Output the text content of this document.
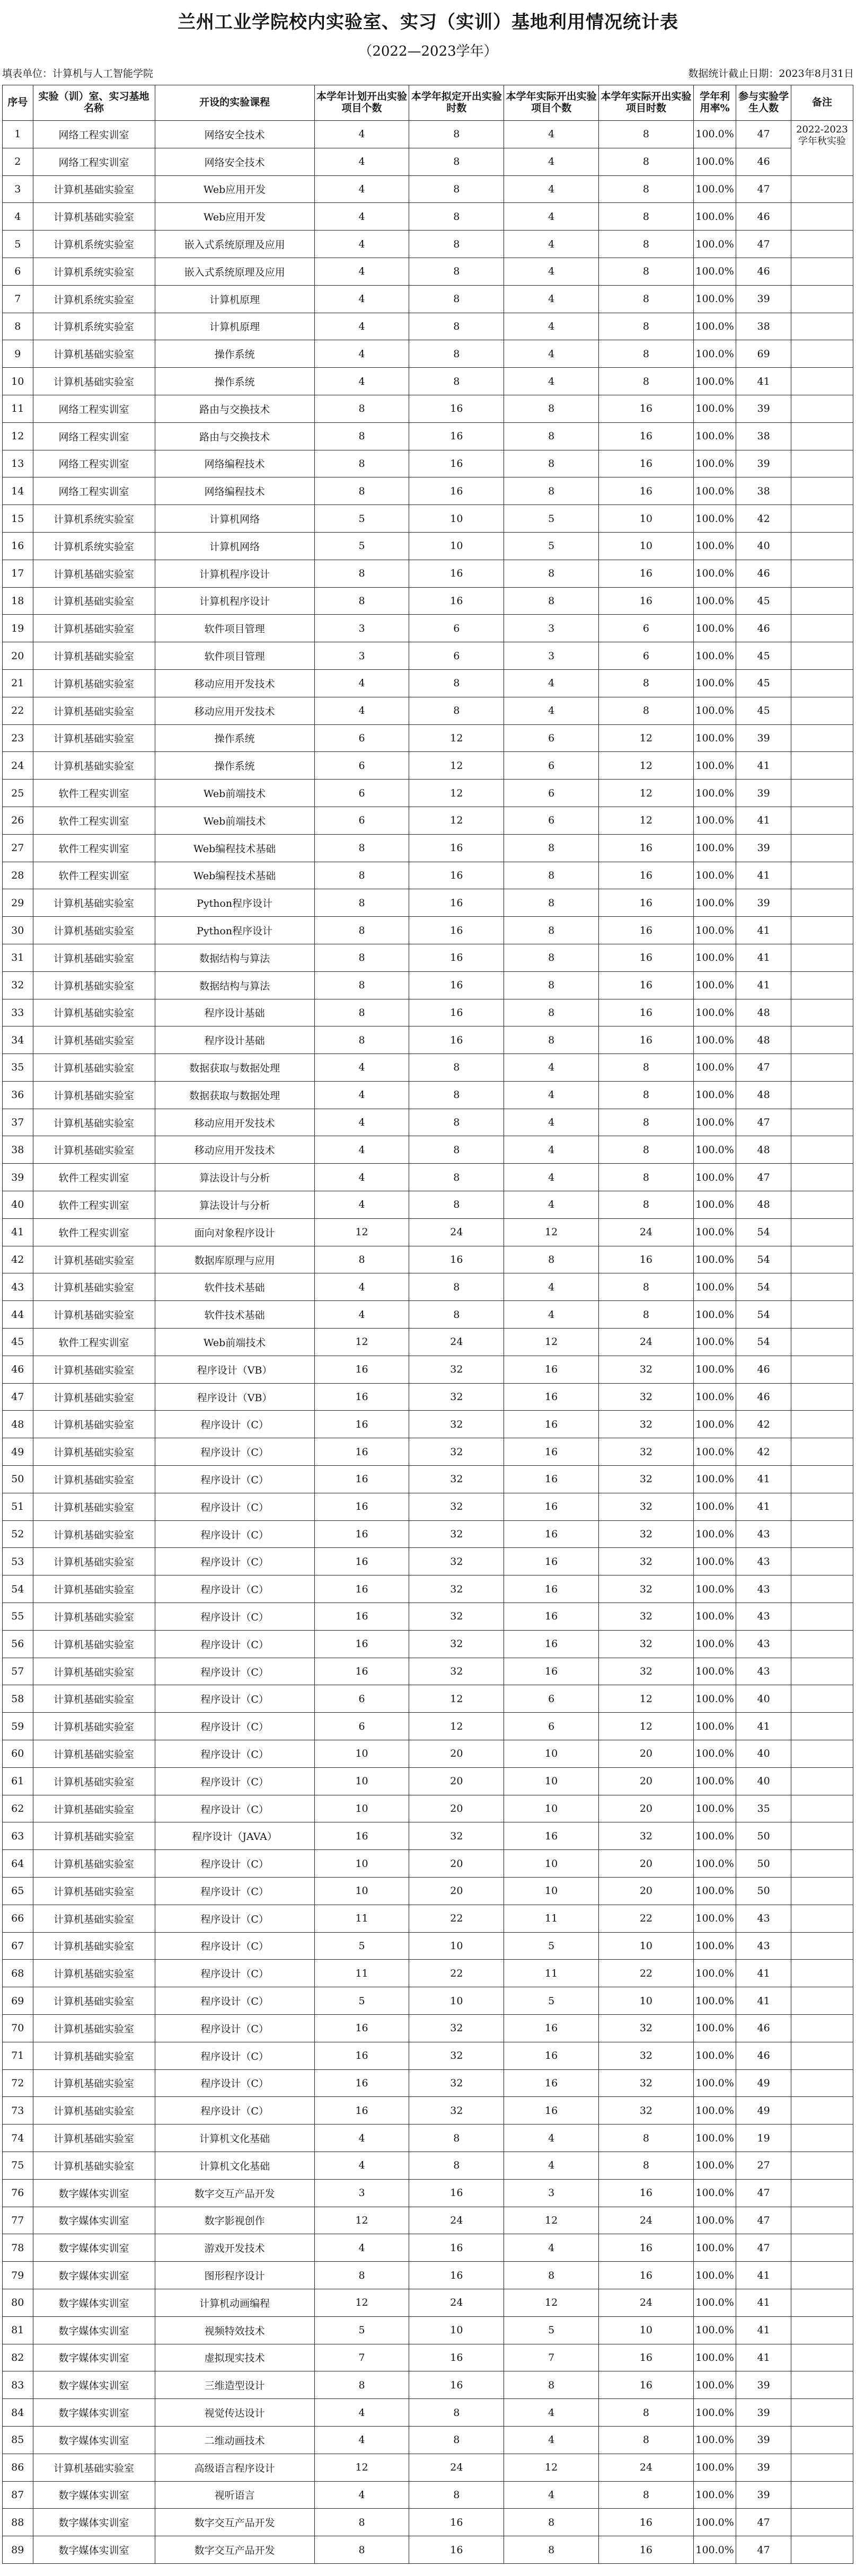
兰州工业学院校内实验室、实习（实训）基地利用情况统计表
（2022—2023学年）
填表单位：计算机与人工智能学院	数据统计截止日期：2023年8月31日
序号	实验（训）室、实习基地名称	开设的实验课程	本学年计划开出实验项目个数	本学年拟定开出实验时数	本学年实际开出实验项目个数	本学年实际开出实验项目时数	学年利用率%	参与实验学生人数	备注
1	网络工程实训室	网络安全技术	4	8	4	8	100.0%	47	2022-2023学年秋实验
2	网络工程实训室	网络安全技术	4	8	4	8	100.0%	46	
3	计算机基础实验室	Web应用开发	4	8	4	8	100.0%	47	
4	计算机基础实验室	Web应用开发	4	8	4	8	100.0%	46	
5	计算机系统实验室	嵌入式系统原理及应用	4	8	4	8	100.0%	47	
6	计算机系统实验室	嵌入式系统原理及应用	4	8	4	8	100.0%	46	
7	计算机系统实验室	计算机原理	4	8	4	8	100.0%	39	
8	计算机系统实验室	计算机原理	4	8	4	8	100.0%	38	
9	计算机基础实验室	操作系统	4	8	4	8	100.0%	69	
10	计算机基础实验室	操作系统	4	8	4	8	100.0%	41	
11	网络工程实训室	路由与交换技术	8	16	8	16	100.0%	39	
12	网络工程实训室	路由与交换技术	8	16	8	16	100.0%	38	
13	网络工程实训室	网络编程技术	8	16	8	16	100.0%	39	
14	网络工程实训室	网络编程技术	8	16	8	16	100.0%	38	
15	计算机系统实验室	计算机网络	5	10	5	10	100.0%	42	
16	计算机系统实验室	计算机网络	5	10	5	10	100.0%	40	
17	计算机基础实验室	计算机程序设计	8	16	8	16	100.0%	46	
18	计算机基础实验室	计算机程序设计	8	16	8	16	100.0%	45	
19	计算机基础实验室	软件项目管理	3	6	3	6	100.0%	46	
20	计算机基础实验室	软件项目管理	3	6	3	6	100.0%	45	
21	计算机基础实验室	移动应用开发技术	4	8	4	8	100.0%	45	
22	计算机基础实验室	移动应用开发技术	4	8	4	8	100.0%	45	
23	计算机基础实验室	操作系统	6	12	6	12	100.0%	39	
24	计算机基础实验室	操作系统	6	12	6	12	100.0%	41	
25	软件工程实训室	Web前端技术	6	12	6	12	100.0%	39	
26	软件工程实训室	Web前端技术	6	12	6	12	100.0%	41	
27	软件工程实训室	Web编程技术基础	8	16	8	16	100.0%	39	
28	软件工程实训室	Web编程技术基础	8	16	8	16	100.0%	41	
29	计算机基础实验室	Python程序设计	8	16	8	16	100.0%	39	
30	计算机基础实验室	Python程序设计	8	16	8	16	100.0%	41	
31	计算机基础实验室	数据结构与算法	8	16	8	16	100.0%	41	
32	计算机基础实验室	数据结构与算法	8	16	8	16	100.0%	41	
33	计算机基础实验室	程序设计基础	8	16	8	16	100.0%	48	
34	计算机基础实验室	程序设计基础	8	16	8	16	100.0%	48	
35	计算机基础实验室	数据获取与数据处理	4	8	4	8	100.0%	47	
36	计算机基础实验室	数据获取与数据处理	4	8	4	8	100.0%	48	
37	计算机基础实验室	移动应用开发技术	4	8	4	8	100.0%	47	
38	计算机基础实验室	移动应用开发技术	4	8	4	8	100.0%	48	
39	软件工程实训室	算法设计与分析	4	8	4	8	100.0%	47	
40	软件工程实训室	算法设计与分析	4	8	4	8	100.0%	48	
41	软件工程实训室	面向对象程序设计	12	24	12	24	100.0%	54	
42	计算机基础实验室	数据库原理与应用	8	16	8	16	100.0%	54	
43	计算机基础实验室	软件技术基础	4	8	4	8	100.0%	54	
44	计算机基础实验室	软件技术基础	4	8	4	8	100.0%	54	
45	软件工程实训室	Web前端技术	12	24	12	24	100.0%	54	
46	计算机基础实验室	程序设计（VB）	16	32	16	32	100.0%	46	
47	计算机基础实验室	程序设计（VB）	16	32	16	32	100.0%	46	
48	计算机基础实验室	程序设计（C）	16	32	16	32	100.0%	42	
49	计算机基础实验室	程序设计（C）	16	32	16	32	100.0%	42	
50	计算机基础实验室	程序设计（C）	16	32	16	32	100.0%	41	
51	计算机基础实验室	程序设计（C）	16	32	16	32	100.0%	41	
52	计算机基础实验室	程序设计（C）	16	32	16	32	100.0%	43	
53	计算机基础实验室	程序设计（C）	16	32	16	32	100.0%	43	
54	计算机基础实验室	程序设计（C）	16	32	16	32	100.0%	43	
55	计算机基础实验室	程序设计（C）	16	32	16	32	100.0%	43	
56	计算机基础实验室	程序设计（C）	16	32	16	32	100.0%	43	
57	计算机基础实验室	程序设计（C）	16	32	16	32	100.0%	43	
58	计算机基础实验室	程序设计（C）	6	12	6	12	100.0%	40	
59	计算机基础实验室	程序设计（C）	6	12	6	12	100.0%	41	
60	计算机基础实验室	程序设计（C）	10	20	10	20	100.0%	40	
61	计算机基础实验室	程序设计（C）	10	20	10	20	100.0%	40	
62	计算机基础实验室	程序设计（C）	10	20	10	20	100.0%	35	
63	计算机基础实验室	程序设计（JAVA）	16	32	16	32	100.0%	50	
64	计算机基础实验室	程序设计（C）	10	20	10	20	100.0%	50	
65	计算机基础实验室	程序设计（C）	10	20	10	20	100.0%	50	
66	计算机基础实验室	程序设计（C）	11	22	11	22	100.0%	43	
67	计算机基础实验室	程序设计（C）	5	10	5	10	100.0%	43	
68	计算机基础实验室	程序设计（C）	11	22	11	22	100.0%	41	
69	计算机基础实验室	程序设计（C）	5	10	5	10	100.0%	41	
70	计算机基础实验室	程序设计（C）	16	32	16	32	100.0%	46	
71	计算机基础实验室	程序设计（C）	16	32	16	32	100.0%	46	
72	计算机基础实验室	程序设计（C）	16	32	16	32	100.0%	49	
73	计算机基础实验室	程序设计（C）	16	32	16	32	100.0%	49	
74	计算机基础实验室	计算机文化基础	4	8	4	8	100.0%	19	
75	计算机基础实验室	计算机文化基础	4	8	4	8	100.0%	27	
76	数字媒体实训室	数字交互产品开发	3	16	3	16	100.0%	47	
77	数字媒体实训室	数字影视创作	12	24	12	24	100.0%	47	
78	数字媒体实训室	游戏开发技术	4	16	4	16	100.0%	47	
79	数字媒体实训室	图形程序设计	8	16	8	16	100.0%	41	
80	数字媒体实训室	计算机动画编程	12	24	12	24	100.0%	41	
81	数字媒体实训室	视频特效技术	5	10	5	10	100.0%	41	
82	数字媒体实训室	虚拟现实技术	7	16	7	16	100.0%	41	
83	数字媒体实训室	三维造型设计	8	16	8	16	100.0%	39	
84	数字媒体实训室	视觉传达设计	4	8	4	8	100.0%	39	
85	数字媒体实训室	二维动画技术	4	8	4	8	100.0%	39	
86	计算机基础实验室	高级语言程序设计	12	24	12	24	100.0%	39	
87	数字媒体实训室	视听语言	4	8	4	8	100.0%	39	
88	数字媒体实训室	数字交互产品开发	8	16	8	16	100.0%	47	
89	数字媒体实训室	数字交互产品开发	8	16	8	16	100.0%	47	
